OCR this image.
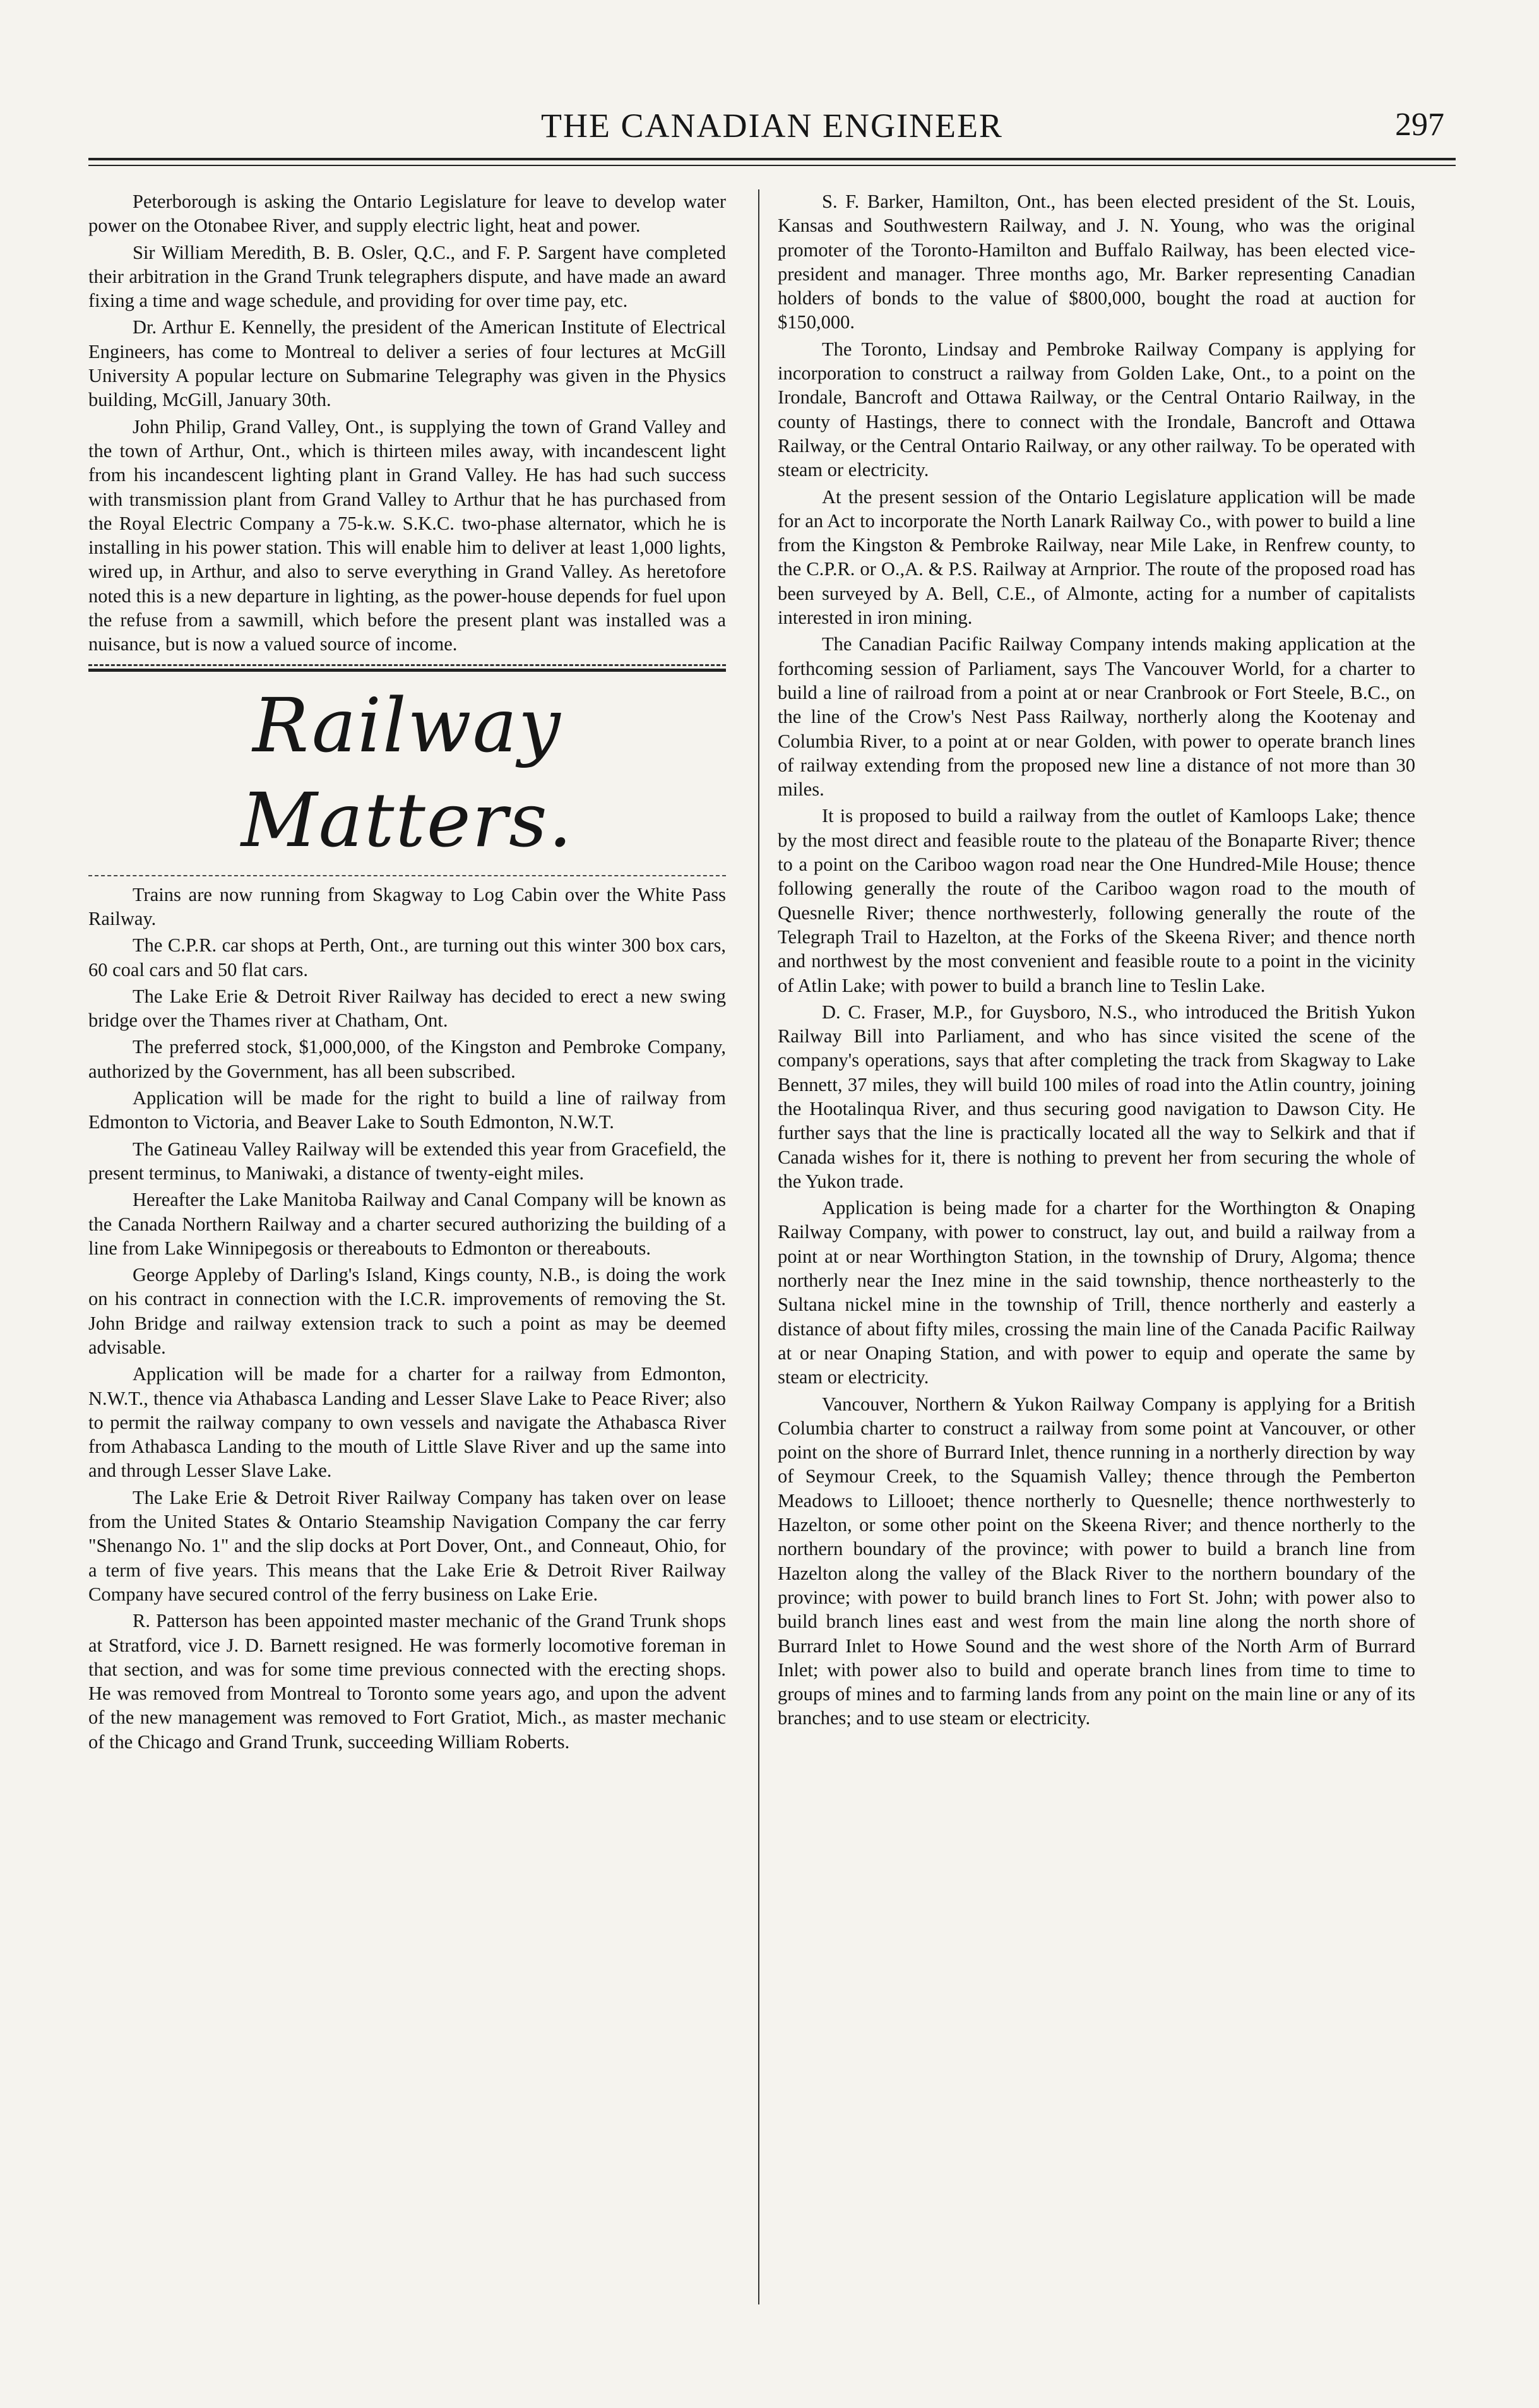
THE CANADIAN ENGINEER	297

Peterborough is asking the Ontario Legislature for leave to develop water power on the Otonabee River, and supply electric light, heat and power.

Sir William Meredith, B. B. Osler, Q.C., and F. P. Sargent have completed their arbitration in the Grand Trunk telegraphers dispute, and have made an award fixing a time and wage schedule, and providing for over time pay, etc.

Dr. Arthur E. Kennelly, the president of the American Institute of Electrical Engineers, has come to Montreal to deliver a series of four lectures at McGill University A popular lecture on Submarine Telegraphy was given in the Physics building, McGill, January 30th.

John Philip, Grand Valley, Ont., is supplying the town of Grand Valley and the town of Arthur, Ont., which is thirteen miles away, with incandescent light from his incandescent lighting plant in Grand Valley. He has had such success with transmission plant from Grand Valley to Arthur that he has purchased from the Royal Electric Company a 75-k.w. S.K.C. two-phase alternator, which he is installing in his power station. This will enable him to deliver at least 1,000 lights, wired up, in Arthur, and also to serve everything in Grand Valley. As heretofore noted this is a new departure in lighting, as the power-house depends for fuel upon the refuse from a sawmill, which before the present plant was installed was a nuisance, but is now a valued source of income.

Railway Matters.

Trains are now running from Skagway to Log Cabin over the White Pass Railway.

The C.P.R. car shops at Perth, Ont., are turning out this winter 300 box cars, 60 coal cars and 50 flat cars.

The Lake Erie & Detroit River Railway has decided to erect a new swing bridge over the Thames river at Chatham, Ont.

The preferred stock, $1,000,000, of the Kingston and Pembroke Company, authorized by the Government, has all been subscribed.

Application will be made for the right to build a line of railway from Edmonton to Victoria, and Beaver Lake to South Edmonton, N.W.T.

The Gatineau Valley Railway will be extended this year from Gracefield, the present terminus, to Maniwaki, a distance of twenty-eight miles.

Hereafter the Lake Manitoba Railway and Canal Company will be known as the Canada Northern Railway and a charter secured authorizing the building of a line from Lake Winnipegosis or thereabouts to Edmonton or thereabouts.

George Appleby of Darling's Island, Kings county, N.B., is doing the work on his contract in connection with the I.C.R. improvements of removing the St. John Bridge and railway extension track to such a point as may be deemed advisable.

Application will be made for a charter for a railway from Edmonton, N.W.T., thence via Athabasca Landing and Lesser Slave Lake to Peace River; also to permit the railway company to own vessels and navigate the Athabasca River from Athabasca Landing to the mouth of Little Slave River and up the same into and through Lesser Slave Lake.

The Lake Erie & Detroit River Railway Company has taken over on lease from the United States & Ontario Steamship Navigation Company the car ferry "Shenango No. 1" and the slip docks at Port Dover, Ont., and Conneaut, Ohio, for a term of five years. This means that the Lake Erie & Detroit River Railway Company have secured control of the ferry business on Lake Erie.

R. Patterson has been appointed master mechanic of the Grand Trunk shops at Stratford, vice J. D. Barnett resigned. He was formerly locomotive foreman in that section, and was for some time previous connected with the erecting shops. He was removed from Montreal to Toronto some years ago, and upon the advent of the new management was removed to Fort Gratiot, Mich., as master mechanic of the Chicago and Grand Trunk, succeeding William Roberts.

S. F. Barker, Hamilton, Ont., has been elected president of the St. Louis, Kansas and Southwestern Railway, and J. N. Young, who was the original promoter of the Toronto-Hamilton and Buffalo Railway, has been elected vice-president and manager. Three months ago, Mr. Barker representing Canadian holders of bonds to the value of $800,000, bought the road at auction for $150,000.

The Toronto, Lindsay and Pembroke Railway Company is applying for incorporation to construct a railway from Golden Lake, Ont., to a point on the Irondale, Bancroft and Ottawa Railway, or the Central Ontario Railway, in the county of Hastings, there to connect with the Irondale, Bancroft and Ottawa Railway, or the Central Ontario Railway, or any other railway. To be operated with steam or electricity.

At the present session of the Ontario Legislature application will be made for an Act to incorporate the North Lanark Railway Co., with power to build a line from the Kingston & Pembroke Railway, near Mile Lake, in Renfrew county, to the C.P.R. or O.,A. & P.S. Railway at Arnprior. The route of the proposed road has been surveyed by A. Bell, C.E., of Almonte, acting for a number of capitalists interested in iron mining.

The Canadian Pacific Railway Company intends making application at the forthcoming session of Parliament, says The Vancouver World, for a charter to build a line of railroad from a point at or near Cranbrook or Fort Steele, B.C., on the line of the Crow's Nest Pass Railway, northerly along the Kootenay and Columbia River, to a point at or near Golden, with power to operate branch lines of railway extending from the proposed new line a distance of not more than 30 miles.

It is proposed to build a railway from the outlet of Kamloops Lake; thence by the most direct and feasible route to the plateau of the Bonaparte River; thence to a point on the Cariboo wagon road near the One Hundred-Mile House; thence following generally the route of the Cariboo wagon road to the mouth of Quesnelle River; thence northwesterly, following generally the route of the Telegraph Trail to Hazelton, at the Forks of the Skeena River; and thence north and northwest by the most convenient and feasible route to a point in the vicinity of Atlin Lake; with power to build a branch line to Teslin Lake.

D. C. Fraser, M.P., for Guysboro, N.S., who introduced the British Yukon Railway Bill into Parliament, and who has since visited the scene of the company's operations, says that after completing the track from Skagway to Lake Bennett, 37 miles, they will build 100 miles of road into the Atlin country, joining the Hootalinqua River, and thus securing good navigation to Dawson City. He further says that the line is practically located all the way to Selkirk and that if Canada wishes for it, there is nothing to prevent her from securing the whole of the Yukon trade.

Application is being made for a charter for the Worthington & Onaping Railway Company, with power to construct, lay out, and build a railway from a point at or near Worthington Station, in the township of Drury, Algoma; thence northerly near the Inez mine in the said township, thence northeasterly to the Sultana nickel mine in the township of Trill, thence northerly and easterly a distance of about fifty miles, crossing the main line of the Canada Pacific Railway at or near Onaping Station, and with power to equip and operate the same by steam or electricity.

Vancouver, Northern & Yukon Railway Company is applying for a British Columbia charter to construct a railway from some point at Vancouver, or other point on the shore of Burrard Inlet, thence running in a northerly direction by way of Seymour Creek, to the Squamish Valley; thence through the Pemberton Meadows to Lillooet; thence northerly to Quesnelle; thence northwesterly to Hazelton, or some other point on the Skeena River; and thence northerly to the northern boundary of the province; with power to build a branch line from Hazelton along the valley of the Black River to the northern boundary of the province; with power to build branch lines to Fort St. John; with power also to build branch lines east and west from the main line along the north shore of Burrard Inlet to Howe Sound and the west shore of the North Arm of Burrard Inlet; with power also to build and operate branch lines from time to time to groups of mines and to farming lands from any point on the main line or any of its branches; and to use steam or electricity.
